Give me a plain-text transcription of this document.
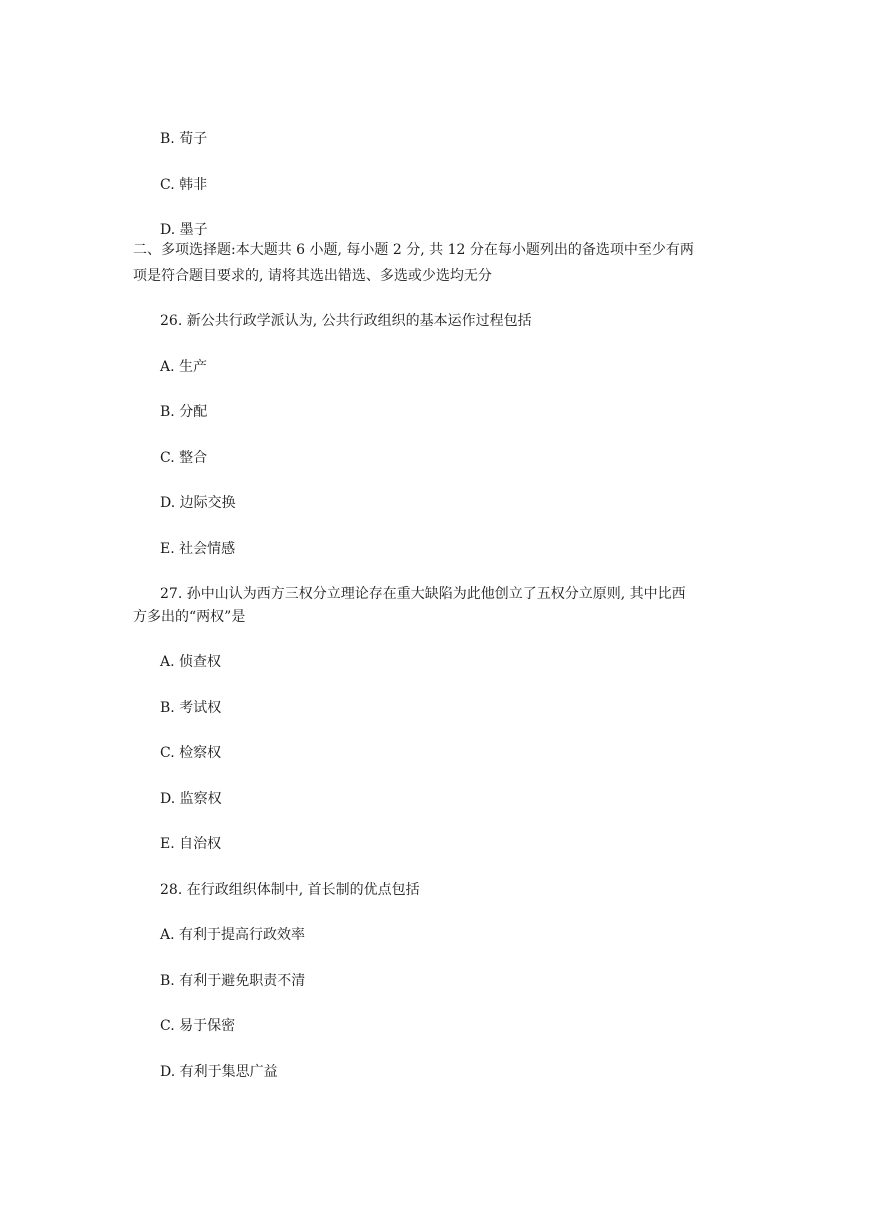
B. 荀子
C. 韩非
D. 墨子
二、多项选择题:本大题共 6 小题, 每小题 2 分, 共 12 分在每小题列出的备选项中至少有两
项是符合题目要求的, 请将其选出错选、多选或少选均无分
26. 新公共行政学派认为, 公共行政组织的基本运作过程包括
A. 生产
B. 分配
C. 整合
D. 边际交换
E. 社会情感
27. 孙中山认为西方三权分立理论存在重大缺陷为此他创立了五权分立原则, 其中比西
方多出的“两权”是
A. 侦查权
B. 考试权
C. 检察权
D. 监察权
E. 自治权
28. 在行政组织体制中, 首长制的优点包括
A. 有利于提高行政效率
B. 有利于避免职责不清
C. 易于保密
D. 有利于集思广益
